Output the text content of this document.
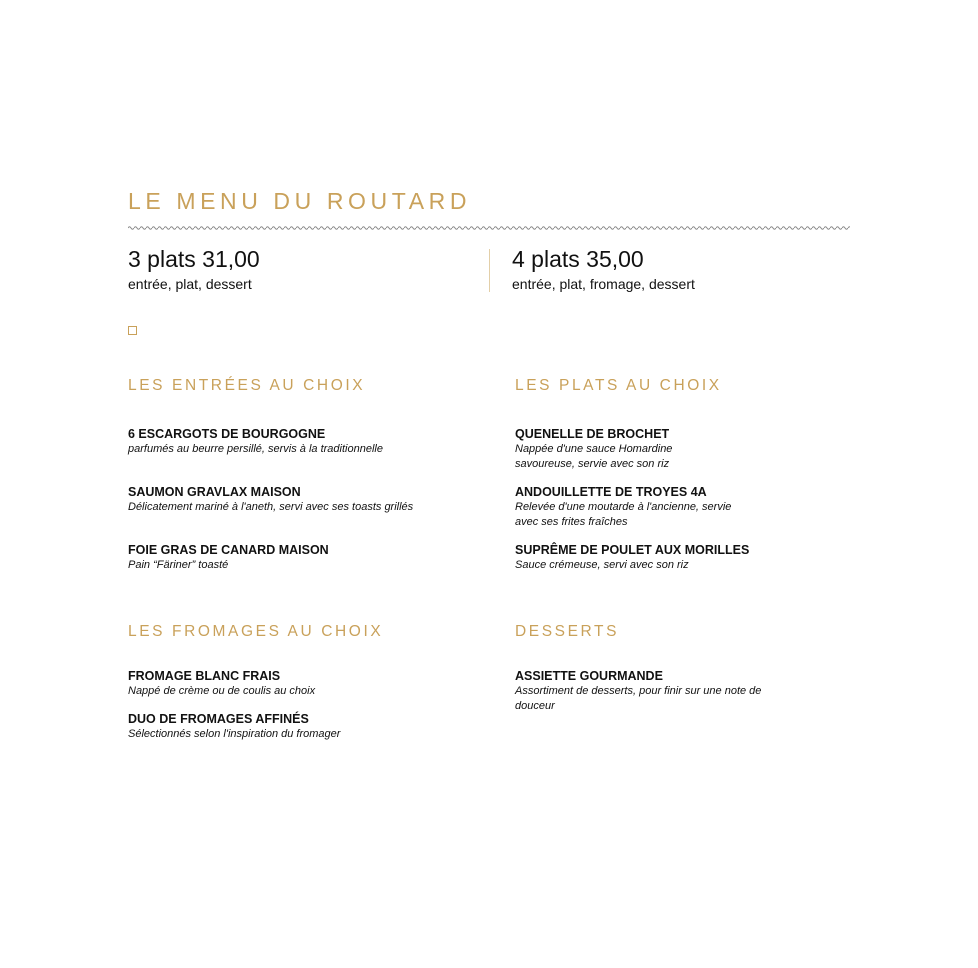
LE MENU DU ROUTARD
3 plats 31,00
entrée, plat, dessert
4 plats 35,00
entrée, plat, fromage, dessert
LES ENTRÉES AU CHOIX
6 ESCARGOTS DE BOURGOGNE
parfumés au beurre persillé, servis à la traditionnelle
SAUMON GRAVLAX MAISON
Délicatement mariné à l'aneth, servi avec ses toasts grillés
FOIE GRAS DE CANARD MAISON
Pain “Färiner” toasté
LES PLATS AU CHOIX
QUENELLE DE BROCHET
Nappée d'une sauce Homardine savoureuse, servie avec son riz
ANDOUILLETTE DE TROYES 4A
Relevée d'une moutarde à l'ancienne, servie avec ses frites fraîches
SUPRÊME DE POULET AUX MORILLES
Sauce crémeuse, servi avec son riz
LES FROMAGES AU CHOIX
FROMAGE BLANC FRAIS
Nappé de crème ou de coulis au choix
DUO DE FROMAGES AFFINÉS
Sélectionnés selon l'inspiration du fromager
DESSERTS
ASSIETTE GOURMANDE
Assortiment de desserts, pour finir sur une note de douceur
